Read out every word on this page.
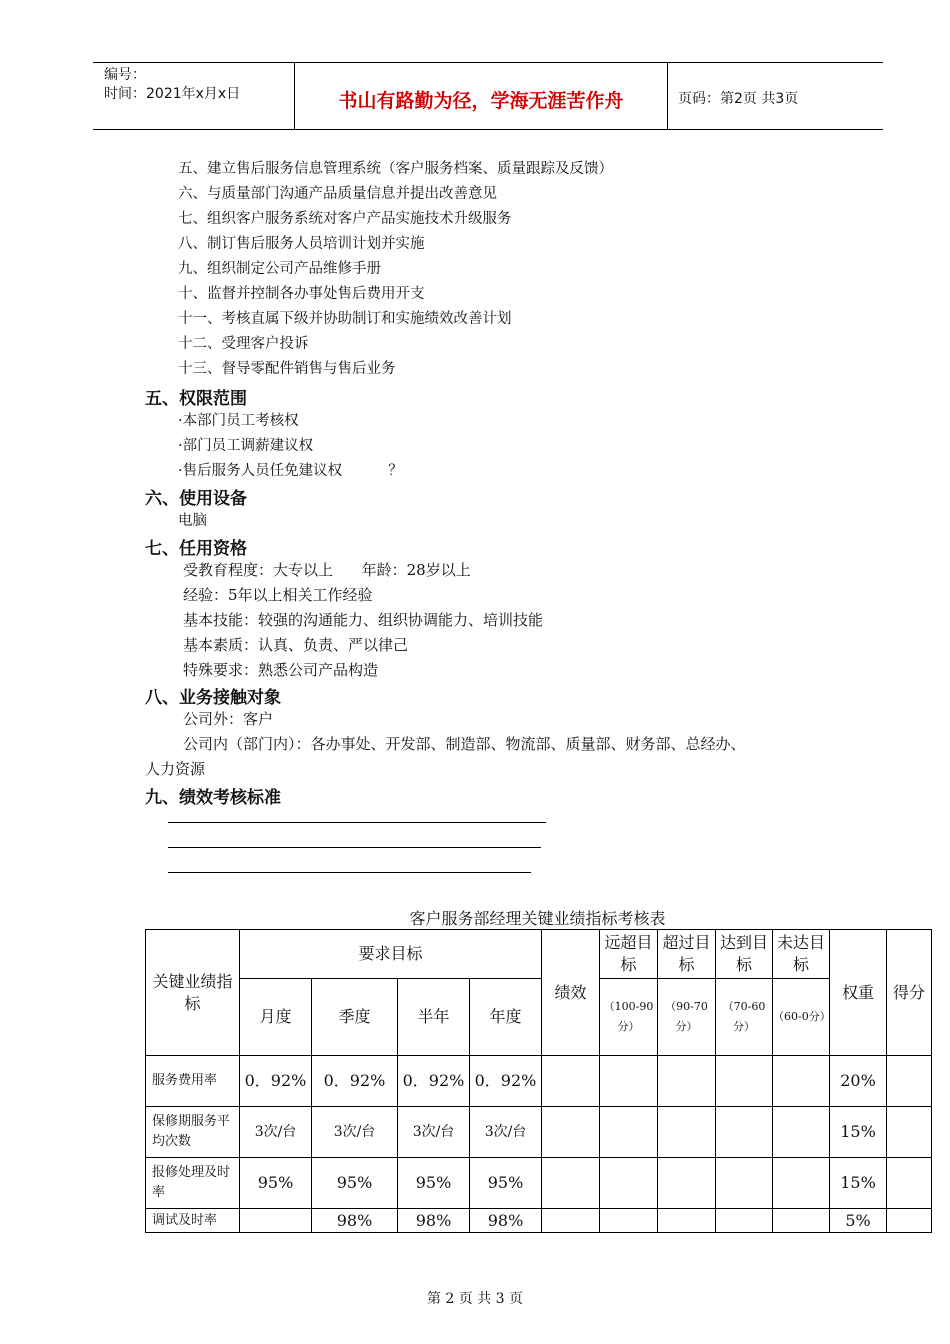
编号：
时间：2021年x月x日	书山有路勤为径，学海无涯苦作舟	页码：第2页 共3页
五、建立售后服务信息管理系统（客户服务档案、质量跟踪及反馈）
六、与质量部门沟通产品质量信息并提出改善意见
七、组织客户服务系统对客户产品实施技术升级服务
八、制订售后服务人员培训计划并实施
九、组织制定公司产品维修手册
十、监督并控制各办事处售后费用开支
十一、考核直属下级并协助制订和实施绩效改善计划
十二、受理客户投诉
十三、督导零配件销售与售后业务
五、权限范围
·本部门员工考核权
·部门员工调薪建议权
·售后服务人员任免建议权          ？
六、使用设备
电脑
七、任用资格
受教育程度：大专以上      年龄：28岁以上
经验：5年以上相关工作经验
基本技能：较强的沟通能力、组织协调能力、培训技能
基本素质：认真、负责、严以律己
特殊要求：熟悉公司产品构造
八、业务接触对象
公司外：客户
公司内（部门内）：各办事处、开发部、制造部、物流部、质量部、财务部、总经办、
人力资源
九、绩效考核标准
客户服务部经理关键业绩指标考核表
关键业绩指标	要求目标				绩效	远超目标	超过目标	达到目标	未达目标	权重	得分
	月度	季度	半年	年度		（100-90分）	（90-70分）	（70-60分）	（60-0分）		
服务费用率	0．92%	0．92%	0．92%	0．92%						20%	
保修期服务平均次数	3次/台	3次/台	3次/台	3次/台						15%	
报修处理及时率	95%	95%	95%	95%						15%	
调试及时率		98%	98%	98%						5%	
第 2 页 共 3 页
